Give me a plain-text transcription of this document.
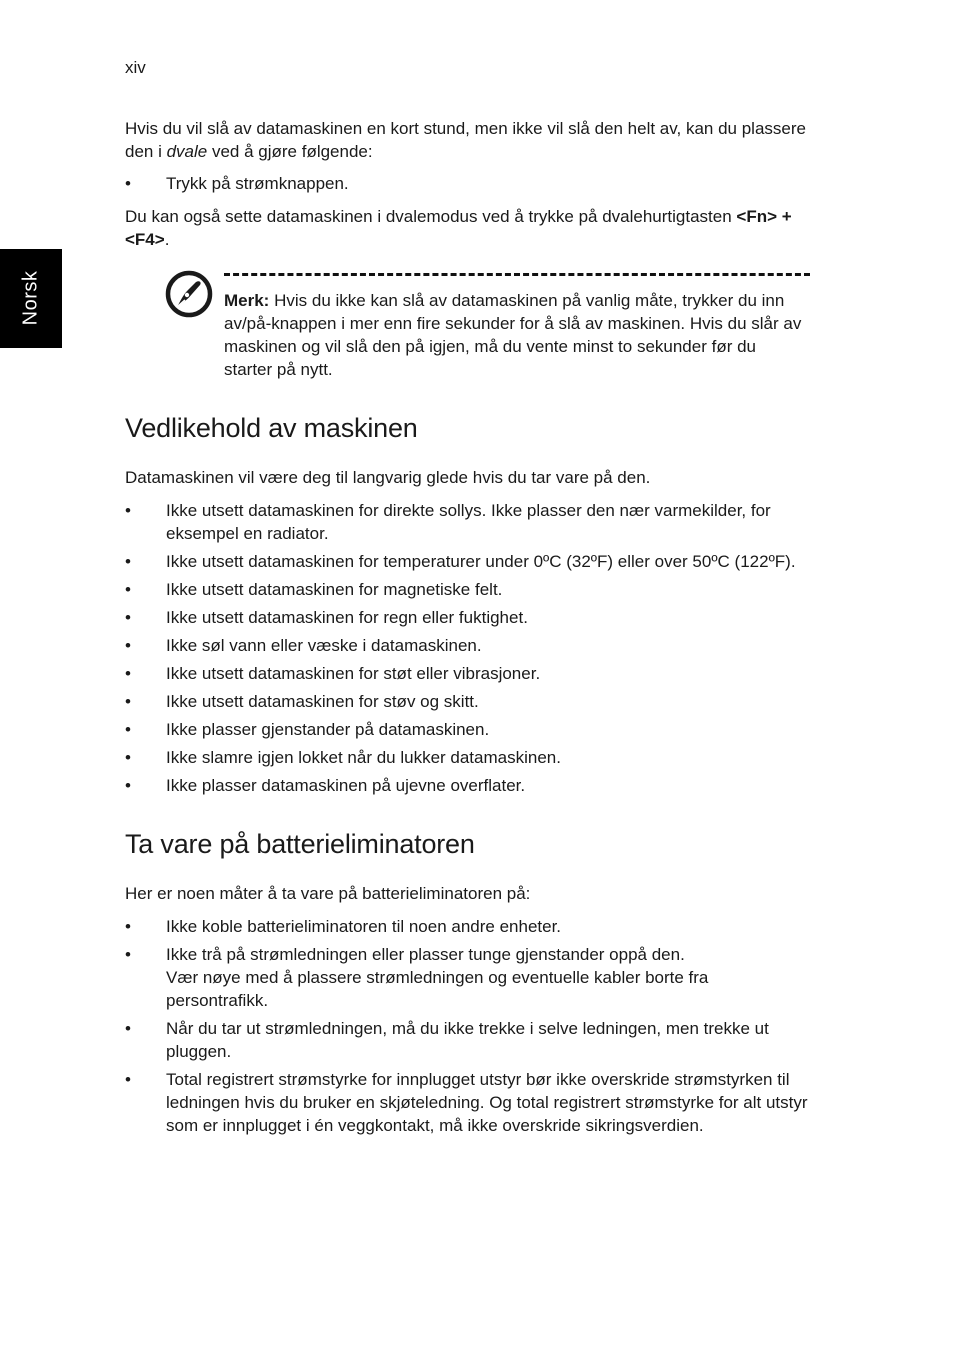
xiv
Norsk

Hvis du vil slå av datamaskinen en kort stund, men ikke vil slå den helt av, kan du plassere den i dvale ved å gjøre følgende:

• Trykk på strømknappen.

Du kan også sette datamaskinen i dvalemodus ved å trykke på dvalehurtigtasten <Fn> + <F4>.

Merk: Hvis du ikke kan slå av datamaskinen på vanlig måte, trykker du inn av/på-knappen i mer enn fire sekunder for å slå av maskinen. Hvis du slår av maskinen og vil slå den på igjen, må du vente minst to sekunder før du starter på nytt.
Vedlikehold av maskinen

Datamaskinen vil være deg til langvarig glede hvis du tar vare på den.

• Ikke utsett datamaskinen for direkte sollys. Ikke plasser den nær varmekilder, for eksempel en radiator.
• Ikke utsett datamaskinen for temperaturer under 0ºC (32ºF) eller over 50ºC (122ºF).
• Ikke utsett datamaskinen for magnetiske felt.
• Ikke utsett datamaskinen for regn eller fuktighet.
• Ikke søl vann eller væske i datamaskinen.
• Ikke utsett datamaskinen for støt eller vibrasjoner.
• Ikke utsett datamaskinen for støv og skitt.
• Ikke plasser gjenstander på datamaskinen.
• Ikke slamre igjen lokket når du lukker datamaskinen.
• Ikke plasser datamaskinen på ujevne overflater.
Ta vare på batterieliminatoren

Her er noen måter å ta vare på batterieliminatoren på:

• Ikke koble batterieliminatoren til noen andre enheter.
• Ikke trå på strømledningen eller plasser tunge gjenstander oppå den.
Vær nøye med å plassere strømledningen og eventuelle kabler borte fra persontrafikk.
• Når du tar ut strømledningen, må du ikke trekke i selve ledningen, men trekke ut pluggen.
• Total registrert strømstyrke for innplugget utstyr bør ikke overskride strømstyrken til ledningen hvis du bruker en skjøteledning. Og total registrert strømstyrke for alt utstyr som er innplugget i én veggkontakt, må ikke overskride sikringsverdien.
